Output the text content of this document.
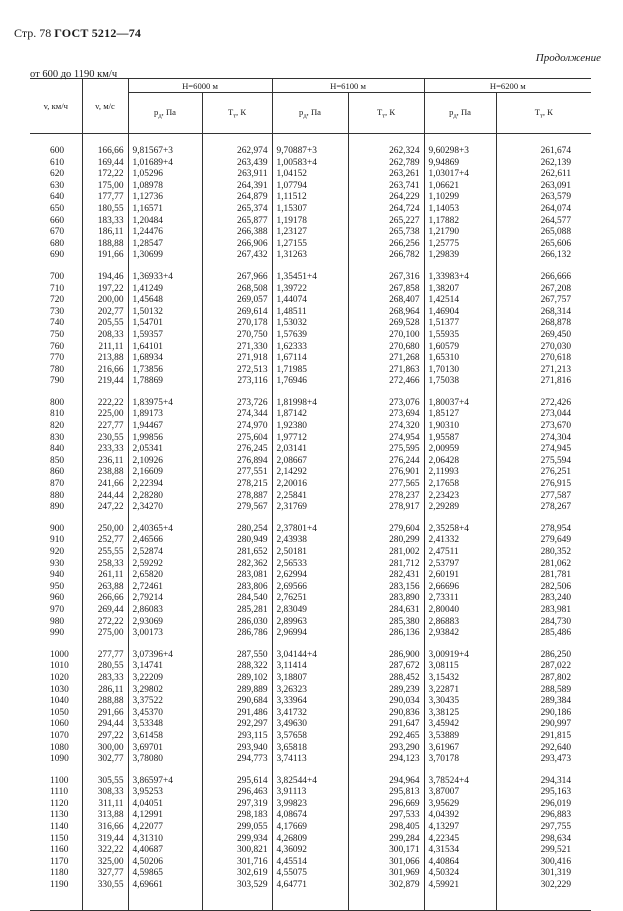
Стр. 78 ГОСТ 5212—74
Продолжение
от 600 до 1190 км/ч
v, км/ч	v, м/с	H=6000 м		H=6100 м		H=6200 м	
		$p_д$, Па	$T_т$, К	$p_д$, Па	$T_т$, К	$p_д$, Па	$T_т$, К

600	166,66	9,81567+3	262,974	9,70887+3	262,324	9,60298+3	261,674
610	169,44	1,01689+4	263,439	1,00583+4	262,789	9,94869	262,139
620	172,22	1,05296	263,911	1,04152	263,261	1,03017+4	262,611
630	175,00	1,08978	264,391	1,07794	263,741	1,06621	263,091
640	177,77	1,12736	264,879	1,11512	264,229	1,10299	263,579
650	180,55	1,16571	265,374	1,15307	264,724	1,14053	264,074
660	183,33	1,20484	265,877	1,19178	265,227	1,17882	264,577
670	186,11	1,24476	266,388	1,23127	265,738	1,21790	265,088
680	188,88	1,28547	266,906	1,27155	266,256	1,25775	265,606
690	191,66	1,30699	267,432	1,31263	266,782	1,29839	266,132

700	194,46	1,36933+4	267,966	1,35451+4	267,316	1,33983+4	266,666
710	197,22	1,41249	268,508	1,39722	267,858	1,38207	267,208
720	200,00	1,45648	269,057	1,44074	268,407	1,42514	267,757
730	202,77	1,50132	269,614	1,48511	268,964	1,46904	268,314
740	205,55	1,54701	270,178	1,53032	269,528	1,51377	268,878
750	208,33	1,59357	270,750	1,57639	270,100	1,55935	269,450
760	211,11	1,64101	271,330	1,62333	270,680	1,60579	270,030
770	213,88	1,68934	271,918	1,67114	271,268	1,65310	270,618
780	216,66	1,73856	272,513	1,71985	271,863	1,70130	271,213
790	219,44	1,78869	273,116	1,76946	272,466	1,75038	271,816

800	222,22	1,83975+4	273,726	1,81998+4	273,076	1,80037+4	272,426
810	225,00	1,89173	274,344	1,87142	273,694	1,85127	273,044
820	227,77	1,94467	274,970	1,92380	274,320	1,90310	273,670
830	230,55	1,99856	275,604	1,97712	274,954	1,95587	274,304
840	233,33	2,05341	276,245	2,03141	275,595	2,00959	274,945
850	236,11	2,10926	276,894	2,08667	276,244	2,06428	275,594
860	238,88	2,16609	277,551	2,14292	276,901	2,11993	276,251
870	241,66	2,22394	278,215	2,20016	277,565	2,17658	276,915
880	244,44	2,28280	278,887	2,25841	278,237	2,23423	277,587
890	247,22	2,34270	279,567	2,31769	278,917	2,29289	278,267

900	250,00	2,40365+4	280,254	2,37801+4	279,604	2,35258+4	278,954
910	252,77	2,46566	280,949	2,43938	280,299	2,41332	279,649
920	255,55	2,52874	281,652	2,50181	281,002	2,47511	280,352
930	258,33	2,59292	282,362	2,56533	281,712	2,53797	281,062
940	261,11	2,65820	283,081	2,62994	282,431	2,60191	281,781
950	263,88	2,72461	283,806	2,69566	283,156	2,66696	282,506
960	266,66	2,79214	284,540	2,76251	283,890	2,73311	283,240
970	269,44	2,86083	285,281	2,83049	284,631	2,80040	283,981
980	272,22	2,93069	286,030	2,89963	285,380	2,86883	284,730
990	275,00	3,00173	286,786	2,96994	286,136	2,93842	285,486

1000	277,77	3,07396+4	287,550	3,04144+4	286,900	3,00919+4	286,250
1010	280,55	3,14741	288,322	3,11414	287,672	3,08115	287,022
1020	283,33	3,22209	289,102	3,18807	288,452	3,15432	287,802
1030	286,11	3,29802	289,889	3,26323	289,239	3,22871	288,589
1040	288,88	3,37522	290,684	3,33964	290,034	3,30435	289,384
1050	291,66	3,45370	291,486	3,41732	290,836	3,38125	290,186
1060	294,44	3,53348	292,297	3,49630	291,647	3,45942	290,997
1070	297,22	3,61458	293,115	3,57658	292,465	3,53889	291,815
1080	300,00	3,69701	293,940	3,65818	293,290	3,61967	292,640
1090	302,77	3,78080	294,773	3,74113	294,123	3,70178	293,473

1100	305,55	3,86597+4	295,614	3,82544+4	294,964	3,78524+4	294,314
1110	308,33	3,95253	296,463	3,91113	295,813	3,87007	295,163
1120	311,11	4,04051	297,319	3,99823	296,669	3,95629	296,019
1130	313,88	4,12991	298,183	4,08674	297,533	4,04392	296,883
1140	316,66	4,22077	299,055	4,17669	298,405	4,13297	297,755
1150	319,44	4,31310	299,934	4,26809	299,284	4,22345	298,634
1160	322,22	4,40687	300,821	4,36092	300,171	4,31534	299,521
1170	325,00	4,50206	301,716	4,45514	301,066	4,40864	300,416
1180	327,77	4,59865	302,619	4,55075	301,969	4,50324	301,319
1190	330,55	4,69661	303,529	4,64771	302,879	4,59921	302,229
